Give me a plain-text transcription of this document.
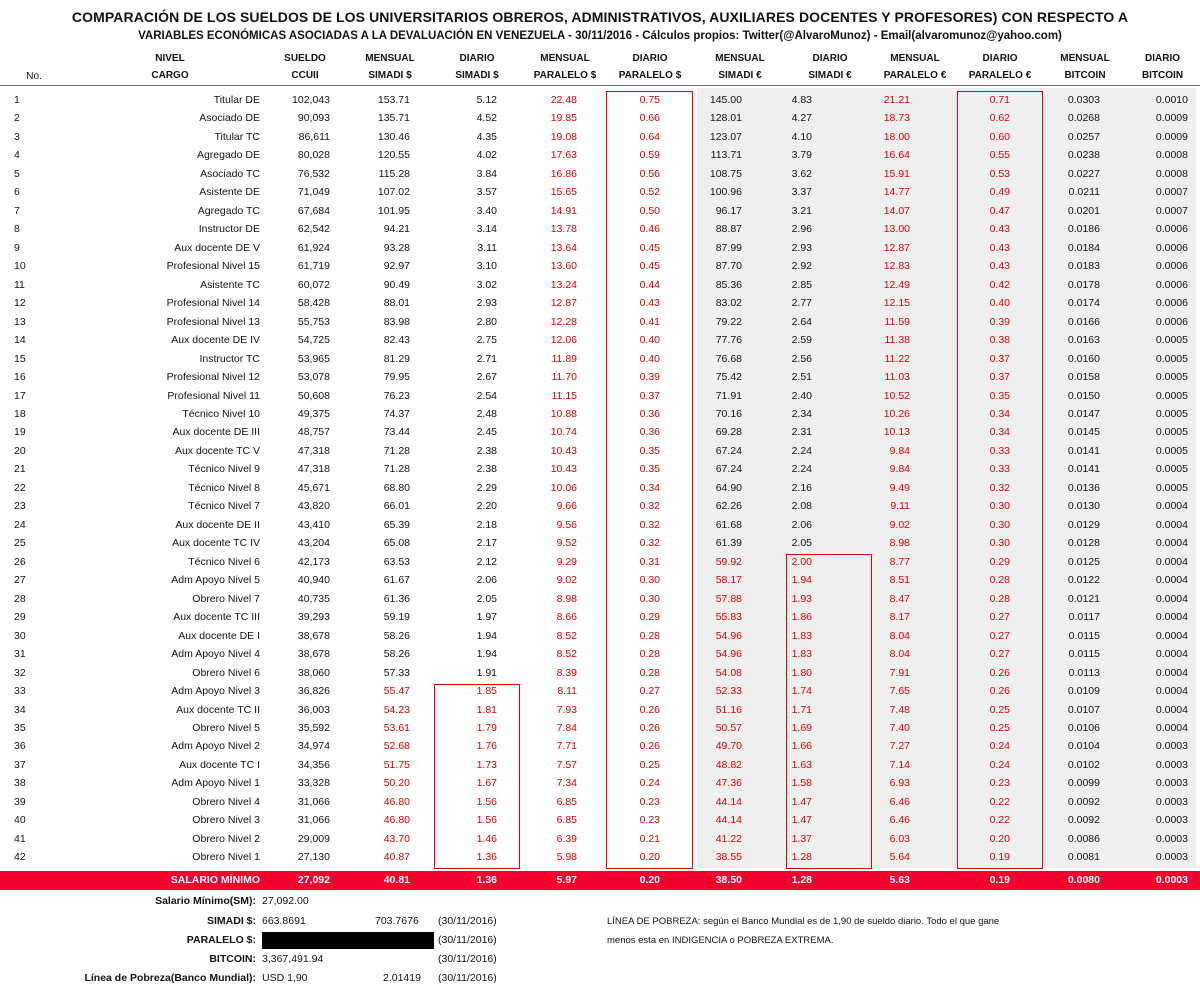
COMPARACIÓN DE LOS SUELDOS DE LOS UNIVERSITARIOS OBREROS, ADMINISTRATIVOS, AUXILIARES DOCENTES Y PROFESORES) CON RESPECTO A
VARIABLES ECONÓMICAS ASOCIADAS A LA DEVALUACIÓN EN VENEZUELA - 30/11/2016 - Cálculos propios: Twitter(@AlvaroMunoz) - Email(alvaromunoz@yahoo.com)
No.
NIVEL
CARGO
SUELDO
CCUII
MENSUAL
SIMADI $
DIARIO
SIMADI $
MENSUAL
PARALELO $
DIARIO
PARALELO $
MENSUAL
SIMADI €
DIARIO
SIMADI €
MENSUAL
PARALELO €
DIARIO
PARALELO €
MENSUAL
BITCOIN
DIARIO
BITCOIN
1	Titular DE	102,043	153.71	5.12	22.48	0.75	145.00	4.83	21.21	0.71	0.0303	0.0010
2	Asociado DE	90,093	135.71	4.52	19.85	0.66	128.01	4.27	18.73	0.62	0.0268	0.0009
3	Titular TC	86,611	130.46	4.35	19.08	0.64	123.07	4.10	18.00	0.60	0.0257	0.0009
4	Agregado DE	80,028	120.55	4.02	17.63	0.59	113.71	3.79	16.64	0.55	0.0238	0.0008
5	Asociado TC	76,532	115.28	3.84	16.86	0.56	108.75	3.62	15.91	0.53	0.0227	0.0008
6	Asistente DE	71,049	107.02	3.57	15.65	0.52	100.96	3.37	14.77	0.49	0.0211	0.0007
7	Agregado TC	67,684	101.95	3.40	14.91	0.50	96.17	3.21	14.07	0.47	0.0201	0.0007
8	Instructor DE	62,542	94.21	3.14	13.78	0.46	88.87	2.96	13.00	0.43	0.0186	0.0006
9	Aux docente DE V	61,924	93.28	3.11	13.64	0.45	87.99	2.93	12.87	0.43	0.0184	0.0006
10	Profesional Nivel 15	61,719	92.97	3.10	13.60	0.45	87.70	2.92	12.83	0.43	0.0183	0.0006
11	Asistente TC	60,072	90.49	3.02	13.24	0.44	85.36	2.85	12.49	0.42	0.0178	0.0006
12	Profesional Nivel 14	58,428	88.01	2.93	12.87	0.43	83.02	2.77	12.15	0.40	0.0174	0.0006
13	Profesional Nivel 13	55,753	83.98	2.80	12.28	0.41	79.22	2.64	11.59	0.39	0.0166	0.0006
14	Aux docente DE IV	54,725	82.43	2.75	12.06	0.40	77.76	2.59	11.38	0.38	0.0163	0.0005
15	Instructor TC	53,965	81.29	2.71	11.89	0.40	76.68	2.56	11.22	0.37	0.0160	0.0005
16	Profesional Nivel 12	53,078	79.95	2.67	11.70	0.39	75.42	2.51	11.03	0.37	0.0158	0.0005
17	Profesional Nivel 11	50,608	76.23	2.54	11.15	0.37	71.91	2.40	10.52	0.35	0.0150	0.0005
18	Técnico Nivel 10	49,375	74.37	2.48	10.88	0.36	70.16	2.34	10.26	0.34	0.0147	0.0005
19	Aux docente DE III	48,757	73.44	2.45	10.74	0.36	69.28	2.31	10.13	0.34	0.0145	0.0005
20	Aux docente TC V	47,318	71.28	2.38	10.43	0.35	67.24	2.24	9.84	0.33	0.0141	0.0005
21	Técnico Nivel 9	47,318	71.28	2.38	10.43	0.35	67.24	2.24	9.84	0.33	0.0141	0.0005
22	Técnico Nivel 8	45,671	68.80	2.29	10.06	0.34	64.90	2.16	9.49	0.32	0.0136	0.0005
23	Técnico Nivel 7	43,820	66.01	2.20	9.66	0.32	62.26	2.08	9.11	0.30	0.0130	0.0004
24	Aux docente DE II	43,410	65.39	2.18	9.56	0.32	61.68	2.06	9.02	0.30	0.0129	0.0004
25	Aux docente TC IV	43,204	65.08	2.17	9.52	0.32	61.39	2.05	8.98	0.30	0.0128	0.0004
26	Técnico Nivel 6	42,173	63.53	2.12	9.29	0.31	59.92	2.00	8.77	0.29	0.0125	0.0004
27	Adm Apoyo Nivel 5	40,940	61.67	2.06	9.02	0.30	58.17	1.94	8.51	0.28	0.0122	0.0004
28	Obrero Nivel 7	40,735	61.36	2.05	8.98	0.30	57.88	1.93	8.47	0.28	0.0121	0.0004
29	Aux docente TC III	39,293	59.19	1.97	8.66	0.29	55.83	1.86	8.17	0.27	0.0117	0.0004
30	Aux docente DE I	38,678	58.26	1.94	8.52	0.28	54.96	1.83	8.04	0.27	0.0115	0.0004
31	Adm Apoyo Nivel 4	38,678	58.26	1.94	8.52	0.28	54.96	1.83	8.04	0.27	0.0115	0.0004
32	Obrero Nivel 6	38,060	57.33	1.91	8.39	0.28	54.08	1.80	7.91	0.26	0.0113	0.0004
33	Adm Apoyo Nivel 3	36,826	55.47	1.85	8.11	0.27	52.33	1.74	7.65	0.26	0.0109	0.0004
34	Aux docente TC II	36,003	54.23	1.81	7.93	0.26	51.16	1.71	7.48	0.25	0.0107	0.0004
35	Obrero Nivel 5	35,592	53.61	1.79	7.84	0.26	50.57	1.69	7.40	0.25	0.0106	0.0004
36	Adm Apoyo Nivel 2	34,974	52.68	1.76	7.71	0.26	49.70	1.66	7.27	0.24	0.0104	0.0003
37	Aux docente TC I	34,356	51.75	1.73	7.57	0.25	48.82	1.63	7.14	0.24	0.0102	0.0003
38	Adm Apoyo Nivel 1	33,328	50.20	1.67	7.34	0.24	47.36	1.58	6.93	0.23	0.0099	0.0003
39	Obrero Nivel 4	31,066	46.80	1.56	6.85	0.23	44.14	1.47	6.46	0.22	0.0092	0.0003
40	Obrero Nivel 3	31,066	46.80	1.56	6.85	0.23	44.14	1.47	6.46	0.22	0.0092	0.0003
41	Obrero Nivel 2	29,009	43.70	1.46	6.39	0.21	41.22	1.37	6.03	0.20	0.0086	0.0003
42	Obrero Nivel 1	27,130	40.87	1.36	5.98	0.20	38.55	1.28	5.64	0.19	0.0081	0.0003
SALARIO MÍNIMO	27,092	40.81	1.36	5.97	0.20	38.50	1.28	5.63	0.19	0.0080	0.0003
Salario Mínimo(SM): 27,092.00
SIMADI $: 663.8691	703.7676 (30/11/2016)
PARALELO $:	(30/11/2016)
BITCOIN: 3,367,491.94	(30/11/2016)
Línea de Pobreza(Banco Mundial): USD 1,90	2.01419 (30/11/2016)
LÍNEA DE POBREZA: según el Banco Mundial es de 1,90 de sueldo diario. Todo el que gane
menos esta en INDIGENCIA o POBREZA EXTREMA.
